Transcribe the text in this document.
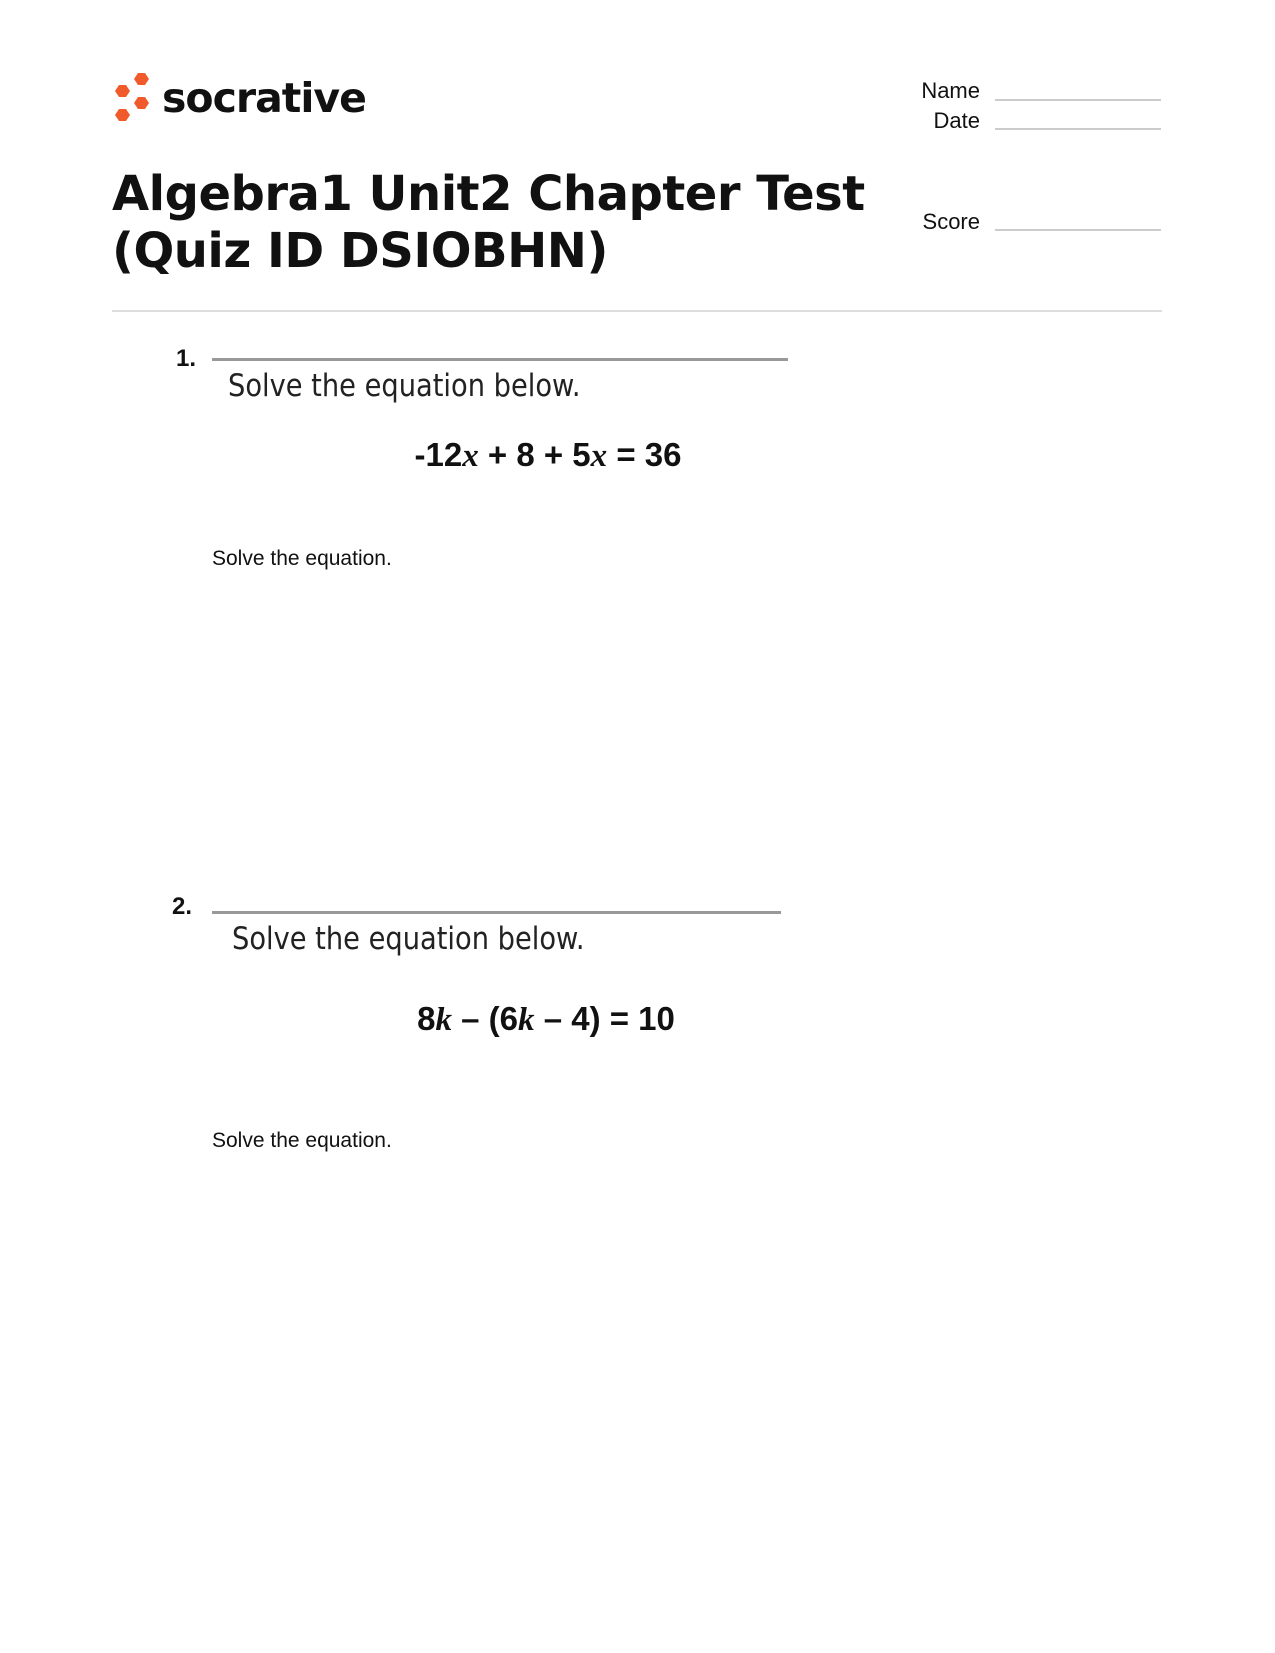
socrative	Name
Date
Score
Algebra1 Unit2 Chapter Test
(Quiz ID DSIOBHN)
1.
Solve the equation below.
-12x + 8 + 5x = 36
Solve the equation.
2.
Solve the equation below.
8k – (6k – 4) = 10
Solve the equation.
